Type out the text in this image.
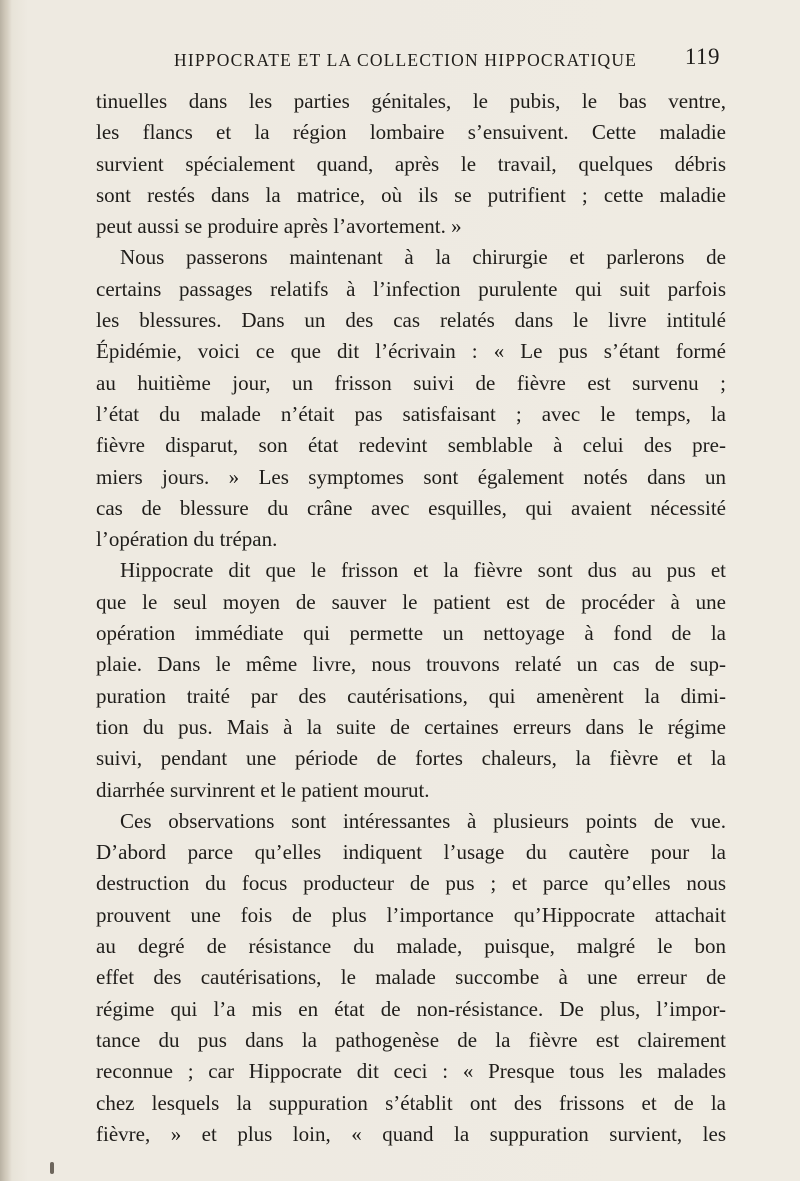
HIPPOCRATE ET LA COLLECTION HIPPOCRATIQUE 119
tinuelles dans les parties génitales, le pubis, le bas ventre,
les flancs et la région lombaire s’ensuivent. Cette maladie
survient spécialement quand, après le travail, quelques débris
sont restés dans la matrice, où ils se putrifient ; cette maladie
peut aussi se produire après l’avortement. »
Nous passerons maintenant à la chirurgie et parlerons de
certains passages relatifs à l’infection purulente qui suit parfois
les blessures. Dans un des cas relatés dans le livre intitulé
Épidémie, voici ce que dit l’écrivain : « Le pus s’étant formé
au huitième jour, un frisson suivi de fièvre est survenu ;
l’état du malade n’était pas satisfaisant ; avec le temps, la
fièvre disparut, son état redevint semblable à celui des pre-
miers jours. » Les symptomes sont également notés dans un
cas de blessure du crâne avec esquilles, qui avaient nécessité
l’opération du trépan.
Hippocrate dit que le frisson et la fièvre sont dus au pus et
que le seul moyen de sauver le patient est de procéder à une
opération immédiate qui permette un nettoyage à fond de la
plaie. Dans le même livre, nous trouvons relaté un cas de sup-
puration traité par des cautérisations, qui amenèrent la dimi-
tion du pus. Mais à la suite de certaines erreurs dans le régime
suivi, pendant une période de fortes chaleurs, la fièvre et la
diarrhée survinrent et le patient mourut.
Ces observations sont intéressantes à plusieurs points de vue.
D’abord parce qu’elles indiquent l’usage du cautère pour la
destruction du focus producteur de pus ; et parce qu’elles nous
prouvent une fois de plus l’importance qu’Hippocrate attachait
au degré de résistance du malade, puisque, malgré le bon
effet des cautérisations, le malade succombe à une erreur de
régime qui l’a mis en état de non-résistance. De plus, l’impor-
tance du pus dans la pathogenèse de la fièvre est clairement
reconnue ; car Hippocrate dit ceci : « Presque tous les malades
chez lesquels la suppuration s’établit ont des frissons et de la
fièvre, » et plus loin, « quand la suppuration survient, les
